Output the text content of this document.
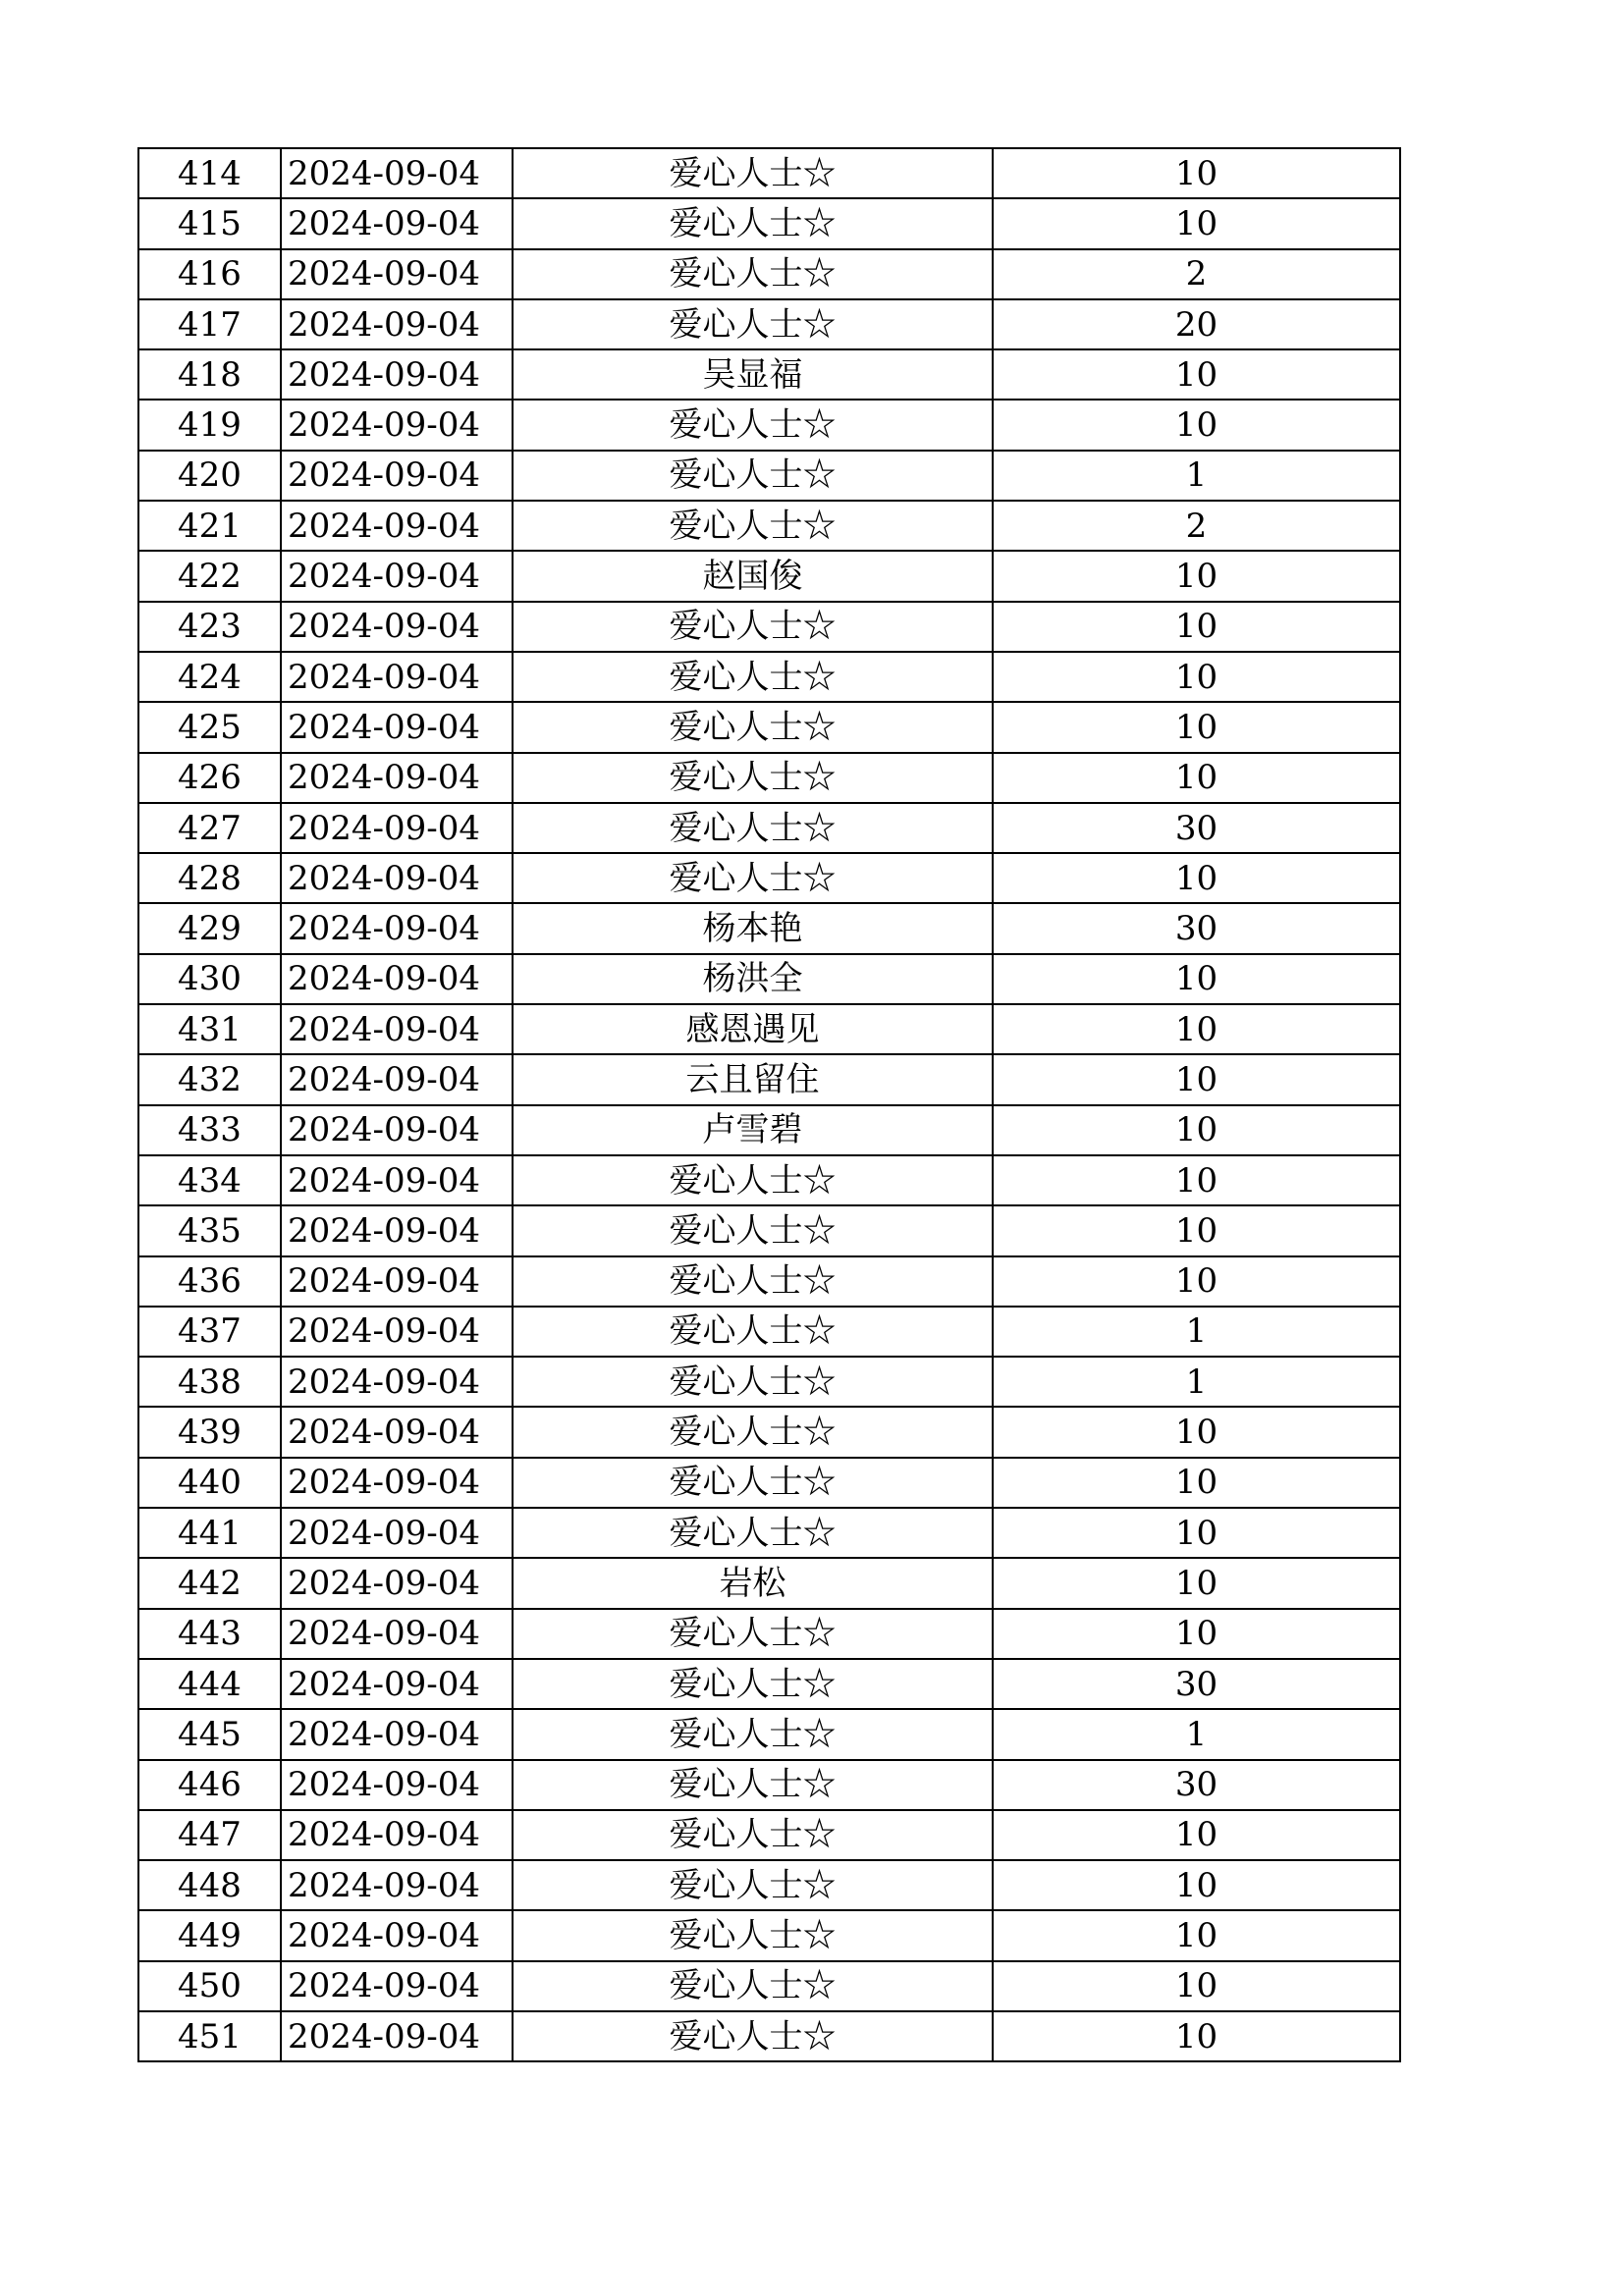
414	2024-09-04	爱心人士☆	10
415	2024-09-04	爱心人士☆	10
416	2024-09-04	爱心人士☆	2
417	2024-09-04	爱心人士☆	20
418	2024-09-04	吴显福	10
419	2024-09-04	爱心人士☆	10
420	2024-09-04	爱心人士☆	1
421	2024-09-04	爱心人士☆	2
422	2024-09-04	赵国俊	10
423	2024-09-04	爱心人士☆	10
424	2024-09-04	爱心人士☆	10
425	2024-09-04	爱心人士☆	10
426	2024-09-04	爱心人士☆	10
427	2024-09-04	爱心人士☆	30
428	2024-09-04	爱心人士☆	10
429	2024-09-04	杨本艳	30
430	2024-09-04	杨洪全	10
431	2024-09-04	感恩遇见	10
432	2024-09-04	云且留住	10
433	2024-09-04	卢雪碧	10
434	2024-09-04	爱心人士☆	10
435	2024-09-04	爱心人士☆	10
436	2024-09-04	爱心人士☆	10
437	2024-09-04	爱心人士☆	1
438	2024-09-04	爱心人士☆	1
439	2024-09-04	爱心人士☆	10
440	2024-09-04	爱心人士☆	10
441	2024-09-04	爱心人士☆	10
442	2024-09-04	岩松	10
443	2024-09-04	爱心人士☆	10
444	2024-09-04	爱心人士☆	30
445	2024-09-04	爱心人士☆	1
446	2024-09-04	爱心人士☆	30
447	2024-09-04	爱心人士☆	10
448	2024-09-04	爱心人士☆	10
449	2024-09-04	爱心人士☆	10
450	2024-09-04	爱心人士☆	10
451	2024-09-04	爱心人士☆	10
